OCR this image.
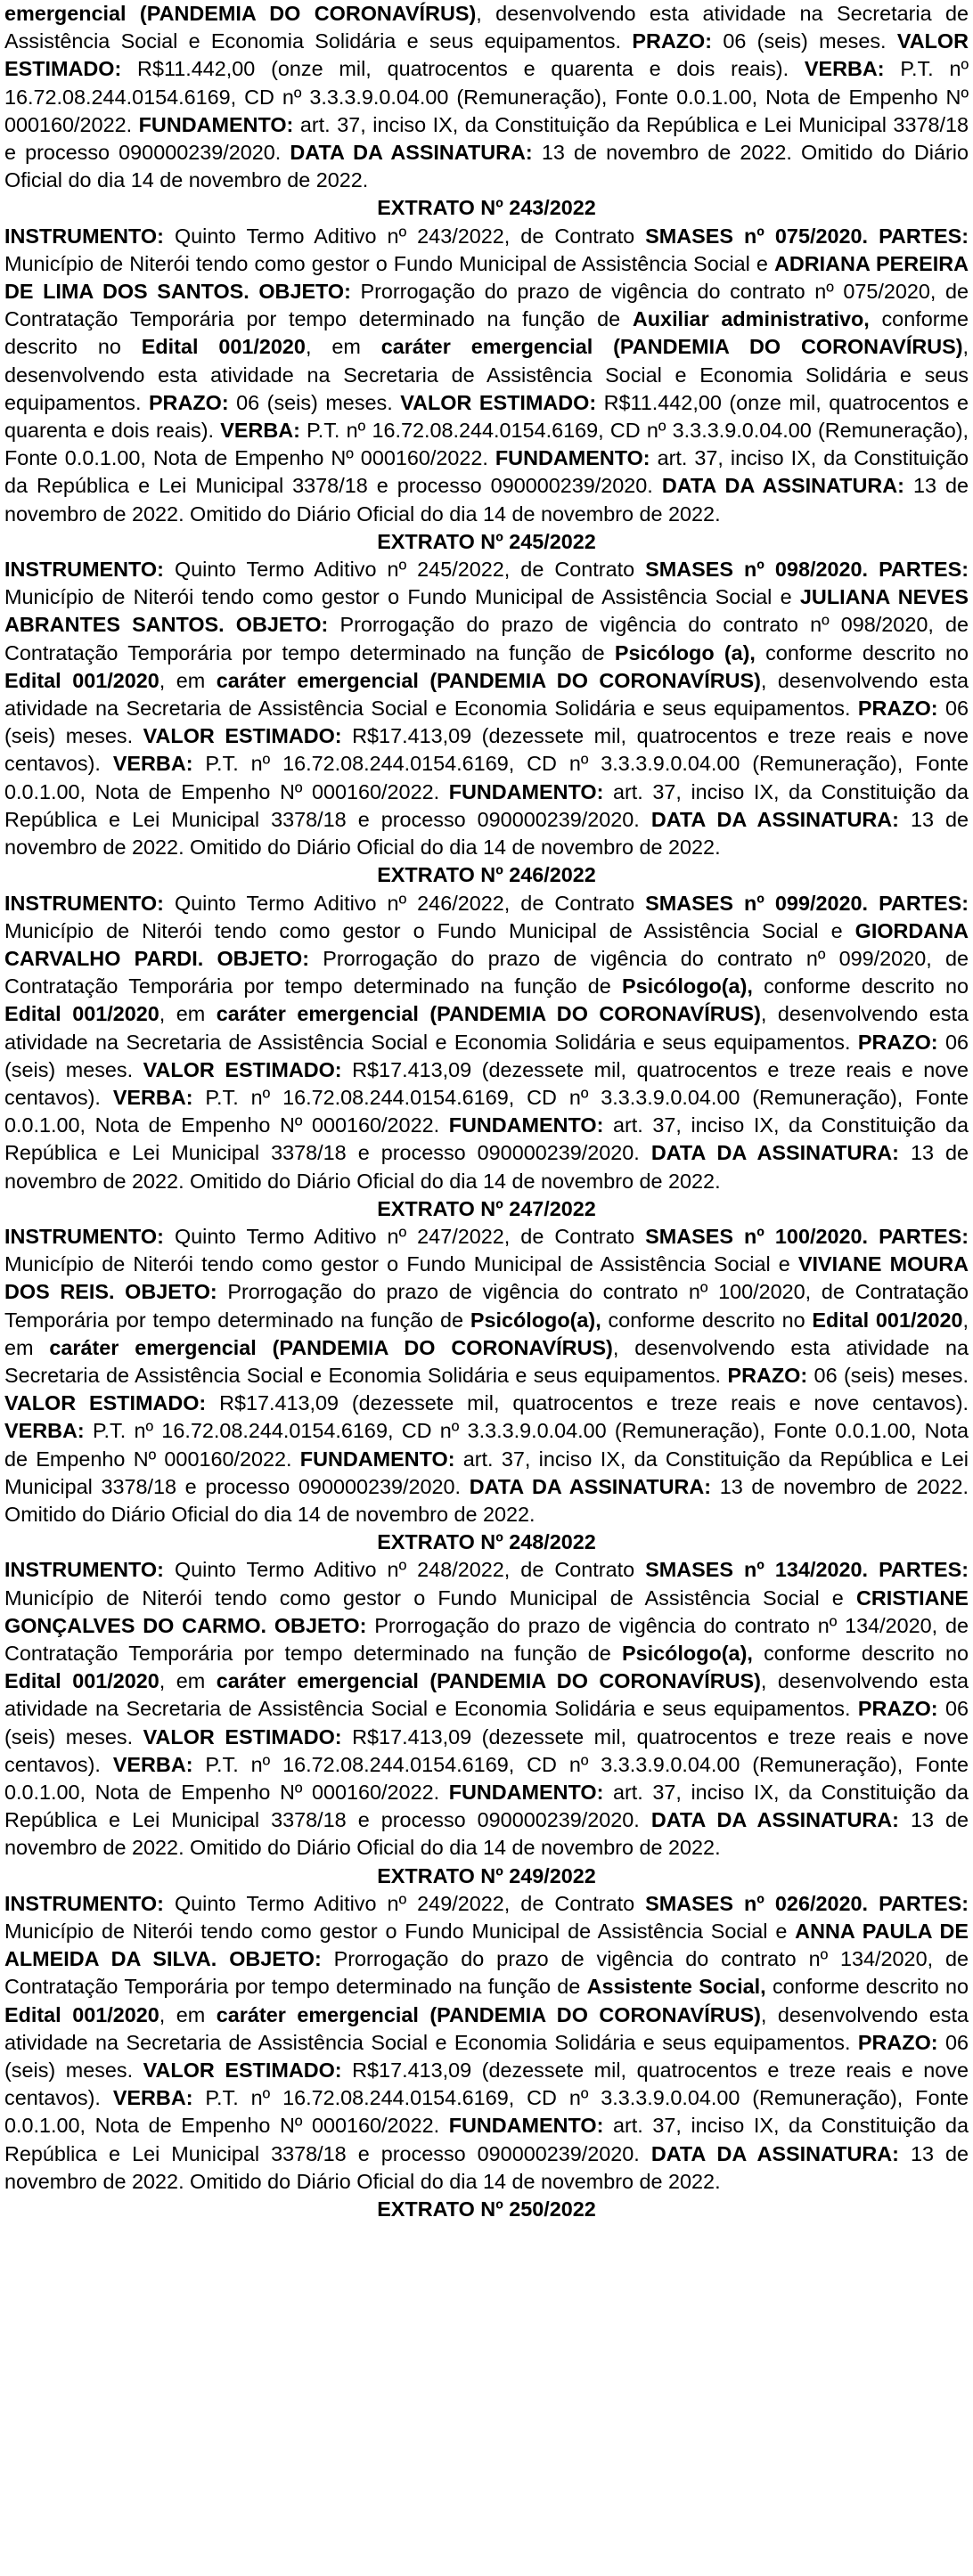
emergencial (PANDEMIA DO CORONAVÍRUS), desenvolvendo esta atividade na Secretaria de Assistência Social e Economia Solidária e seus equipamentos. PRAZO: 06 (seis) meses. VALOR ESTIMADO: R$11.442,00 (onze mil, quatrocentos e quarenta e dois reais). VERBA: P.T. nº 16.72.08.244.0154.6169, CD nº 3.3.3.9.0.04.00 (Remuneração), Fonte 0.0.1.00, Nota de Empenho Nº 000160/2022. FUNDAMENTO: art. 37, inciso IX, da Constituição da República e Lei Municipal 3378/18 e processo 090000239/2020. DATA DA ASSINATURA: 13 de novembro de 2022. Omitido do Diário Oficial do dia 14 de novembro de 2022.

EXTRATO Nº 243/2022

INSTRUMENTO: Quinto Termo Aditivo nº 243/2022, de Contrato SMASES nº 075/2020. PARTES: Município de Niterói tendo como gestor o Fundo Municipal de Assistência Social e ADRIANA PEREIRA DE LIMA DOS SANTOS. OBJETO: Prorrogação do prazo de vigência do contrato nº 075/2020, de Contratação Temporária por tempo determinado na função de Auxiliar administrativo, conforme descrito no Edital 001/2020, em caráter emergencial (PANDEMIA DO CORONAVÍRUS), desenvolvendo esta atividade na Secretaria de Assistência Social e Economia Solidária e seus equipamentos. PRAZO: 06 (seis) meses. VALOR ESTIMADO: R$11.442,00 (onze mil, quatrocentos e quarenta e dois reais). VERBA: P.T. nº 16.72.08.244.0154.6169, CD nº 3.3.3.9.0.04.00 (Remuneração), Fonte 0.0.1.00, Nota de Empenho Nº 000160/2022. FUNDAMENTO: art. 37, inciso IX, da Constituição da República e Lei Municipal 3378/18 e processo 090000239/2020. DATA DA ASSINATURA: 13 de novembro de 2022. Omitido do Diário Oficial do dia 14 de novembro de 2022.

EXTRATO Nº 245/2022

INSTRUMENTO: Quinto Termo Aditivo nº 245/2022, de Contrato SMASES nº 098/2020. PARTES: Município de Niterói tendo como gestor o Fundo Municipal de Assistência Social e JULIANA NEVES ABRANTES SANTOS. OBJETO: Prorrogação do prazo de vigência do contrato nº 098/2020, de Contratação Temporária por tempo determinado na função de Psicólogo (a), conforme descrito no Edital 001/2020, em caráter emergencial (PANDEMIA DO CORONAVÍRUS), desenvolvendo esta atividade na Secretaria de Assistência Social e Economia Solidária e seus equipamentos. PRAZO: 06 (seis) meses. VALOR ESTIMADO: R$17.413,09 (dezessete mil, quatrocentos e treze reais e nove centavos). VERBA: P.T. nº 16.72.08.244.0154.6169, CD nº 3.3.3.9.0.04.00 (Remuneração), Fonte 0.0.1.00, Nota de Empenho Nº 000160/2022. FUNDAMENTO: art. 37, inciso IX, da Constituição da República e Lei Municipal 3378/18 e processo 090000239/2020. DATA DA ASSINATURA: 13 de novembro de 2022. Omitido do Diário Oficial do dia 14 de novembro de 2022.

EXTRATO Nº 246/2022

INSTRUMENTO: Quinto Termo Aditivo nº 246/2022, de Contrato SMASES nº 099/2020. PARTES: Município de Niterói tendo como gestor o Fundo Municipal de Assistência Social e GIORDANA CARVALHO PARDI. OBJETO: Prorrogação do prazo de vigência do contrato nº 099/2020, de Contratação Temporária por tempo determinado na função de Psicólogo(a), conforme descrito no Edital 001/2020, em caráter emergencial (PANDEMIA DO CORONAVÍRUS), desenvolvendo esta atividade na Secretaria de Assistência Social e Economia Solidária e seus equipamentos. PRAZO: 06 (seis) meses. VALOR ESTIMADO: R$17.413,09 (dezessete mil, quatrocentos e treze reais e nove centavos). VERBA: P.T. nº 16.72.08.244.0154.6169, CD nº 3.3.3.9.0.04.00 (Remuneração), Fonte 0.0.1.00, Nota de Empenho Nº 000160/2022. FUNDAMENTO: art. 37, inciso IX, da Constituição da República e Lei Municipal 3378/18 e processo 090000239/2020. DATA DA ASSINATURA: 13 de novembro de 2022. Omitido do Diário Oficial do dia 14 de novembro de 2022.

EXTRATO Nº 247/2022

INSTRUMENTO: Quinto Termo Aditivo nº 247/2022, de Contrato SMASES nº 100/2020. PARTES: Município de Niterói tendo como gestor o Fundo Municipal de Assistência Social e VIVIANE MOURA DOS REIS. OBJETO: Prorrogação do prazo de vigência do contrato nº 100/2020, de Contratação Temporária por tempo determinado na função de Psicólogo(a), conforme descrito no Edital 001/2020, em caráter emergencial (PANDEMIA DO CORONAVÍRUS), desenvolvendo esta atividade na Secretaria de Assistência Social e Economia Solidária e seus equipamentos. PRAZO: 06 (seis) meses. VALOR ESTIMADO: R$17.413,09 (dezessete mil, quatrocentos e treze reais e nove centavos). VERBA: P.T. nº 16.72.08.244.0154.6169, CD nº 3.3.3.9.0.04.00 (Remuneração), Fonte 0.0.1.00, Nota de Empenho Nº 000160/2022. FUNDAMENTO: art. 37, inciso IX, da Constituição da República e Lei Municipal 3378/18 e processo 090000239/2020. DATA DA ASSINATURA: 13 de novembro de 2022. Omitido do Diário Oficial do dia 14 de novembro de 2022.

EXTRATO Nº 248/2022

INSTRUMENTO: Quinto Termo Aditivo nº 248/2022, de Contrato SMASES nº 134/2020. PARTES: Município de Niterói tendo como gestor o Fundo Municipal de Assistência Social e CRISTIANE GONÇALVES DO CARMO. OBJETO: Prorrogação do prazo de vigência do contrato nº 134/2020, de Contratação Temporária por tempo determinado na função de Psicólogo(a), conforme descrito no Edital 001/2020, em caráter emergencial (PANDEMIA DO CORONAVÍRUS), desenvolvendo esta atividade na Secretaria de Assistência Social e Economia Solidária e seus equipamentos. PRAZO: 06 (seis) meses. VALOR ESTIMADO: R$17.413,09 (dezessete mil, quatrocentos e treze reais e nove centavos). VERBA: P.T. nº 16.72.08.244.0154.6169, CD nº 3.3.3.9.0.04.00 (Remuneração), Fonte 0.0.1.00, Nota de Empenho Nº 000160/2022. FUNDAMENTO: art. 37, inciso IX, da Constituição da República e Lei Municipal 3378/18 e processo 090000239/2020. DATA DA ASSINATURA: 13 de novembro de 2022. Omitido do Diário Oficial do dia 14 de novembro de 2022.

EXTRATO Nº 249/2022

INSTRUMENTO: Quinto Termo Aditivo nº 249/2022, de Contrato SMASES nº 026/2020. PARTES: Município de Niterói tendo como gestor o Fundo Municipal de Assistência Social e ANNA PAULA DE ALMEIDA DA SILVA. OBJETO: Prorrogação do prazo de vigência do contrato nº 134/2020, de Contratação Temporária por tempo determinado na função de Assistente Social, conforme descrito no Edital 001/2020, em caráter emergencial (PANDEMIA DO CORONAVÍRUS), desenvolvendo esta atividade na Secretaria de Assistência Social e Economia Solidária e seus equipamentos. PRAZO: 06 (seis) meses. VALOR ESTIMADO: R$17.413,09 (dezessete mil, quatrocentos e treze reais e nove centavos). VERBA: P.T. nº 16.72.08.244.0154.6169, CD nº 3.3.3.9.0.04.00 (Remuneração), Fonte 0.0.1.00, Nota de Empenho Nº 000160/2022. FUNDAMENTO: art. 37, inciso IX, da Constituição da República e Lei Municipal 3378/18 e processo 090000239/2020. DATA DA ASSINATURA: 13 de novembro de 2022. Omitido do Diário Oficial do dia 14 de novembro de 2022.

EXTRATO Nº 250/2022
